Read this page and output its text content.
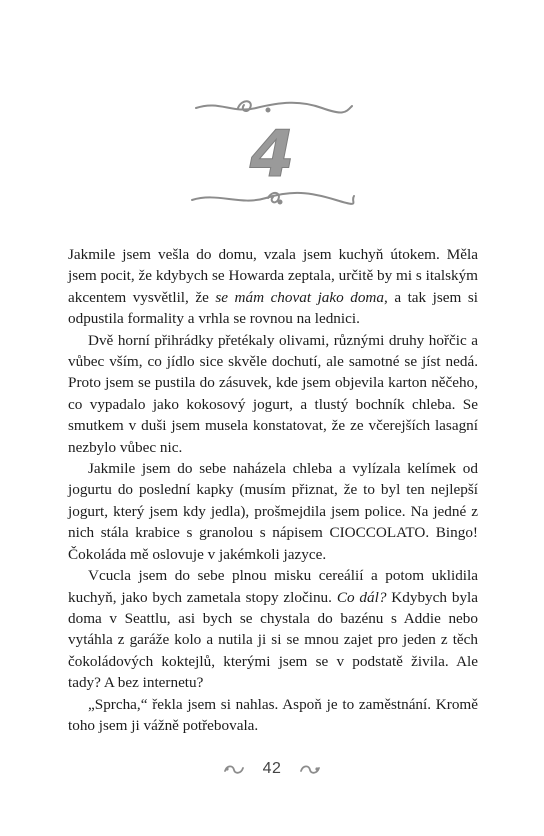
4

Jakmile jsem vešla do domu, vzala jsem kuchyň útokem. Měla jsem pocit, že kdybych se Howarda zeptala, určitě by mi s italským akcentem vysvětlil, že se mám chovat jako doma, a tak jsem si odpustila formality a vrhla se rovnou na lednici.

Dvě horní přihrádky přetékaly olivami, různými druhy hořčic a vůbec vším, co jídlo sice skvěle dochutí, ale samotné se jíst nedá. Proto jsem se pustila do zásuvek, kde jsem objevila karton něčeho, co vypadalo jako kokosový jogurt, a tlustý bochník chleba. Se smutkem v duši jsem musela konstatovat, že ze včerejších lasagní nezbylo vůbec nic.

Jakmile jsem do sebe naházela chleba a vylízala kelímek od jogurtu do poslední kapky (musím přiznat, že to byl ten nejlepší jogurt, který jsem kdy jedla), prošmejdila jsem police. Na jedné z nich stála krabice s granolou s nápisem CIOCCOLATO. Bingo! Čokoláda mě oslovuje v jakémkoli jazyce.

Vcucla jsem do sebe plnou misku cereálií a potom uklidila kuchyň, jako bych zametala stopy zločinu. Co dál? Kdybych byla doma v Seattlu, asi bych se chystala do bazénu s Addie nebo vytáhla z garáže kolo a nutila ji si se mnou zajet pro jeden z těch čokoládových koktejlů, kterými jsem se v podstatě živila. Ale tady? A bez internetu?

„Sprcha,“ řekla jsem si nahlas. Aspoň je to zaměstnání. Kromě toho jsem ji vážně potřebovala.

42
